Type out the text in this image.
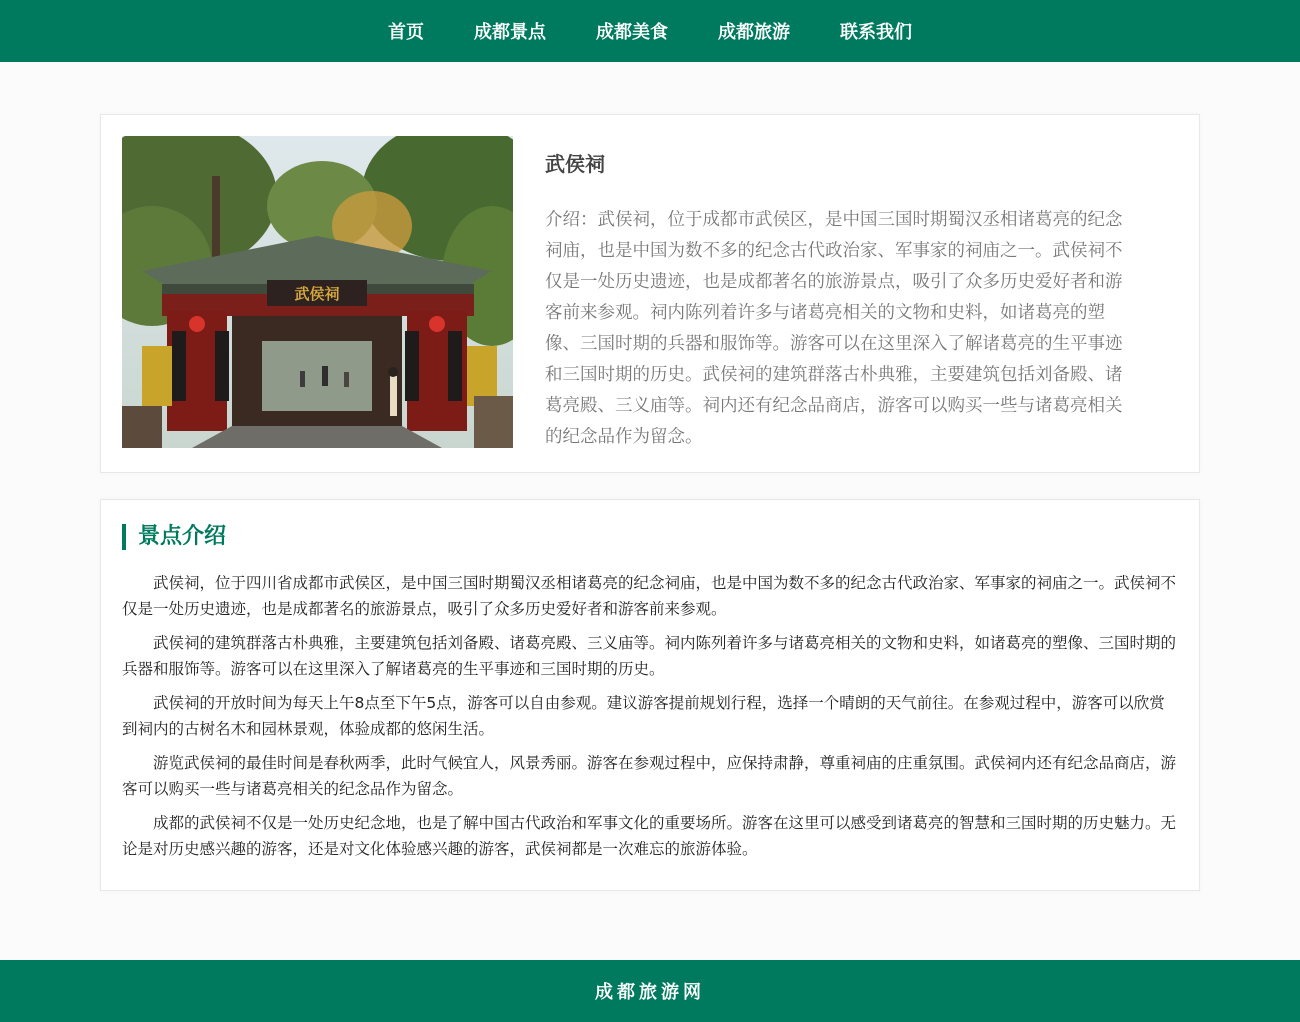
首页	成都景点	成都美食	成都旅游	联系我们
武侯祠
武侯祠

介绍：武侯祠，位于成都市武侯区，是中国三国时期蜀汉丞相诸葛亮的纪念祠庙，也是中国为数不多的纪念古代政治家、军事家的祠庙之一。武侯祠不仅是一处历史遗迹，也是成都著名的旅游景点，吸引了众多历史爱好者和游客前来参观。祠内陈列着许多与诸葛亮相关的文物和史料，如诸葛亮的塑像、三国时期的兵器和服饰等。游客可以在这里深入了解诸葛亮的生平事迹和三国时期的历史。武侯祠的建筑群落古朴典雅，主要建筑包括刘备殿、诸葛亮殿、三义庙等。祠内还有纪念品商店，游客可以购买一些与诸葛亮相关的纪念品作为留念。

景点介绍

武侯祠，位于四川省成都市武侯区，是中国三国时期蜀汉丞相诸葛亮的纪念祠庙，也是中国为数不多的纪念古代政治家、军事家的祠庙之一。武侯祠不仅是一处历史遗迹，也是成都著名的旅游景点，吸引了众多历史爱好者和游客前来参观。

武侯祠的建筑群落古朴典雅，主要建筑包括刘备殿、诸葛亮殿、三义庙等。祠内陈列着许多与诸葛亮相关的文物和史料，如诸葛亮的塑像、三国时期的兵器和服饰等。游客可以在这里深入了解诸葛亮的生平事迹和三国时期的历史。

武侯祠的开放时间为每天上午8点至下午5点，游客可以自由参观。建议游客提前规划行程，选择一个晴朗的天气前往。在参观过程中，游客可以欣赏到祠内的古树名木和园林景观，体验成都的悠闲生活。

游览武侯祠的最佳时间是春秋两季，此时气候宜人，风景秀丽。游客在参观过程中，应保持肃静，尊重祠庙的庄重氛围。武侯祠内还有纪念品商店，游客可以购买一些与诸葛亮相关的纪念品作为留念。

成都的武侯祠不仅是一处历史纪念地，也是了解中国古代政治和军事文化的重要场所。游客在这里可以感受到诸葛亮的智慧和三国时期的历史魅力。无论是对历史感兴趣的游客，还是对文化体验感兴趣的游客，武侯祠都是一次难忘的旅游体验。

成都旅游网
